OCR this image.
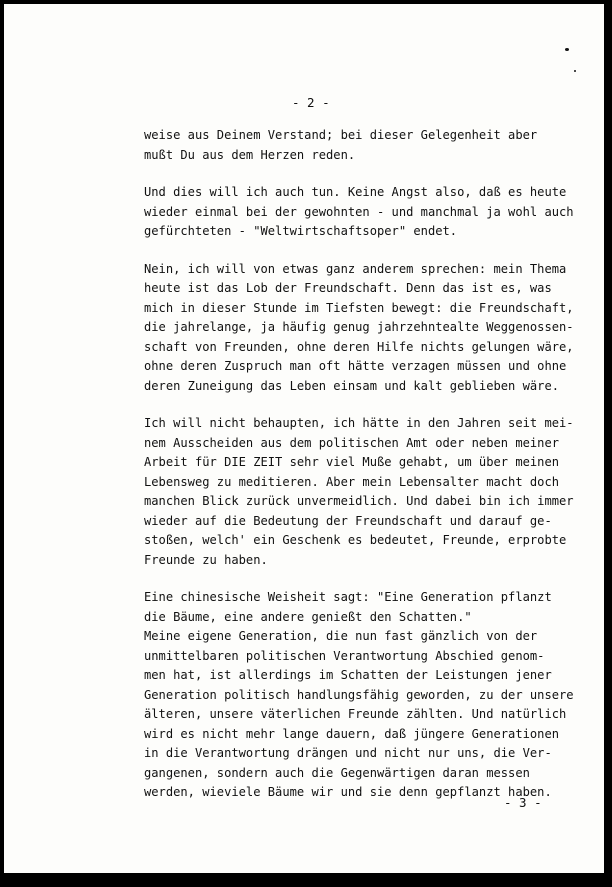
- 2 -

weise aus Deinem Verstand; bei dieser Gelegenheit aber
mußt Du aus dem Herzen reden.

Und dies will ich auch tun. Keine Angst also, daß es heute
wieder einmal bei der gewohnten - und manchmal ja wohl auch
gefürchteten - "Weltwirtschaftsoper" endet.

Nein, ich will von etwas ganz anderem sprechen: mein Thema
heute ist das Lob der Freundschaft. Denn das ist es, was
mich in dieser Stunde im Tiefsten bewegt: die Freundschaft,
die jahrelange, ja häufig genug jahrzehntealte Weggenossen-
schaft von Freunden, ohne deren Hilfe nichts gelungen wäre,
ohne deren Zuspruch man oft hätte verzagen müssen und ohne
deren Zuneigung das Leben einsam und kalt geblieben wäre.

Ich will nicht behaupten, ich hätte in den Jahren seit mei-
nem Ausscheiden aus dem politischen Amt oder neben meiner
Arbeit für DIE ZEIT sehr viel Muße gehabt, um über meinen
Lebensweg zu meditieren. Aber mein Lebensalter macht doch
manchen Blick zurück unvermeidlich. Und dabei bin ich immer
wieder auf die Bedeutung der Freundschaft und darauf ge-
stoßen, welch' ein Geschenk es bedeutet, Freunde, erprobte
Freunde zu haben.

Eine chinesische Weisheit sagt: "Eine Generation pflanzt
die Bäume, eine andere genießt den Schatten."

Meine eigene Generation, die nun fast gänzlich von der
unmittelbaren politischen Verantwortung Abschied genom-
men hat, ist allerdings im Schatten der Leistungen jener
Generation politisch handlungsfähig geworden, zu der unsere
älteren, unsere väterlichen Freunde zählten. Und natürlich
wird es nicht mehr lange dauern, daß jüngere Generationen
in die Verantwortung drängen und nicht nur uns, die Ver-
gangenen, sondern auch die Gegenwärtigen daran messen
werden, wieviele Bäume wir und sie denn gepflanzt haben.

- 3 -
